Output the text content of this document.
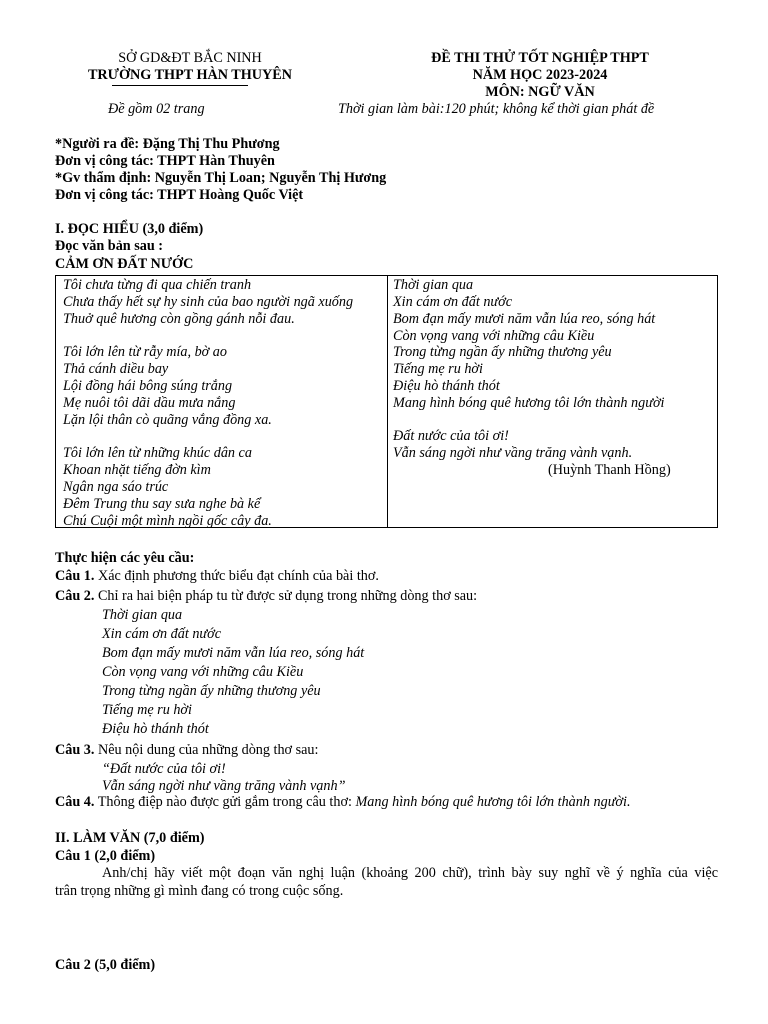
SỞ GD&ĐT BẮC NINH
TRƯỜNG THPT HÀN THUYÊN
Đề gồm 02 trang
ĐỀ THI THỬ TỐT NGHIỆP THPT
NĂM HỌC 2023-2024
MÔN: NGỮ VĂN
Thời gian làm bài:120 phút; không kể thời gian phát đề
*Người ra đề: Đặng Thị Thu Phương
Đơn vị công tác: THPT Hàn Thuyên
*Gv thẩm định: Nguyễn Thị Loan; Nguyễn Thị Hương
Đơn vị công tác: THPT Hoàng Quốc Việt
I. ĐỌC HIỂU (3,0 điểm)
Đọc văn bản sau :
CẢM ƠN ĐẤT NƯỚC
Tôi chưa từng đi qua chiến tranh
Chưa thấy hết sự hy sinh của bao người ngã xuống
Thuở quê hương còn gồng gánh nỗi đau.
Tôi lớn lên từ rẫy mía, bờ ao
Thả cánh diều bay
Lội đồng hái bông súng trắng
Mẹ nuôi tôi dãi dầu mưa nắng
Lặn lội thân cò quãng vắng đồng xa.
Tôi lớn lên từ những khúc dân ca
Khoan nhặt tiếng đờn kìm
Ngân nga sáo trúc
Đêm Trung thu say sưa nghe bà kể
Chú Cuội một mình ngồi gốc cây đa.
Thời gian qua
Xin cám ơn đất nước
Bom đạn mấy mươi năm vẫn lúa reo, sóng hát
Còn vọng vang với những câu Kiều
Trong từng ngần ấy những thương yêu
Tiếng mẹ ru hời
Điệu hò thánh thót
Mang hình bóng quê hương tôi lớn thành người
Đất nước của tôi ơi!
Vẫn sáng ngời như vầng trăng vành vạnh.
(Huỳnh Thanh Hồng)
Thực hiện các yêu cầu:
Câu 1. Xác định phương thức biểu đạt chính của bài thơ.
Câu 2. Chỉ ra hai biện pháp tu từ được sử dụng trong những dòng thơ sau:
Thời gian qua
Xin cám ơn đất nước
Bom đạn mấy mươi năm vẫn lúa reo, sóng hát
Còn vọng vang với những câu Kiều
Trong từng ngần ấy những thương yêu
Tiếng mẹ ru hời
Điệu hò thánh thót
Câu 3. Nêu nội dung của những dòng thơ sau:
“Đất nước của tôi ơi!
Vẫn sáng ngời như vầng trăng vành vạnh”
Câu 4. Thông điệp nào được gửi gắm trong câu thơ: Mang hình bóng quê hương tôi lớn thành người.
II. LÀM VĂN (7,0 điểm)
Câu 1 (2,0 điểm)
Anh/chị hãy viết một đoạn văn nghị luận (khoảng 200 chữ), trình bày suy nghĩ về ý nghĩa của việc
trân trọng những gì mình đang có trong cuộc sống.
Câu 2 (5,0 điểm)
